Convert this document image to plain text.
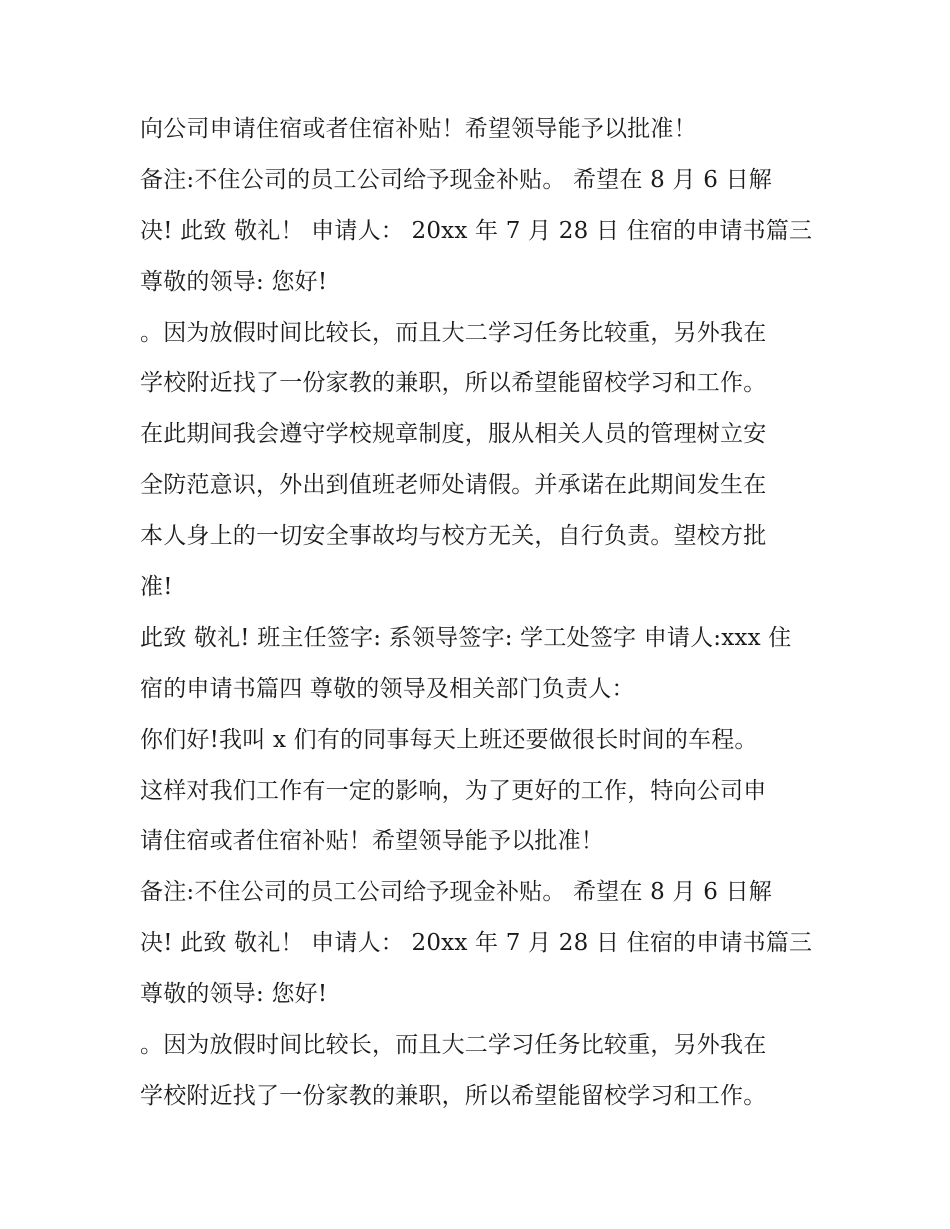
向公司申请住宿或者住宿补贴！希望领导能予以批准！
备注:不住公司的员工公司给予现金补贴。 希望在 8 月 6 日解
决! 此致 敬礼！ 申请人： 20xx 年 7 月 28 日 住宿的申请书篇三
尊敬的领导: 您好!
。因为放假时间比较长，而且大二学习任务比较重，另外我在
学校附近找了一份家教的兼职，所以希望能留校学习和工作。
在此期间我会遵守学校规章制度，服从相关人员的管理树立安
全防范意识，外出到值班老师处请假。并承诺在此期间发生在
本人身上的一切安全事故均与校方无关，自行负责。望校方批
准!
此致 敬礼! 班主任签字: 系领导签字: 学工处签字 申请人:xxx 住
宿的申请书篇四 尊敬的领导及相关部门负责人：
你们好!我叫 x 们有的同事每天上班还要做很长时间的车程。
这样对我们工作有一定的影响，为了更好的工作，特向公司申
请住宿或者住宿补贴！希望领导能予以批准！
备注:不住公司的员工公司给予现金补贴。 希望在 8 月 6 日解
决! 此致 敬礼！ 申请人： 20xx 年 7 月 28 日 住宿的申请书篇三
尊敬的领导: 您好!
。因为放假时间比较长，而且大二学习任务比较重，另外我在
学校附近找了一份家教的兼职，所以希望能留校学习和工作。
